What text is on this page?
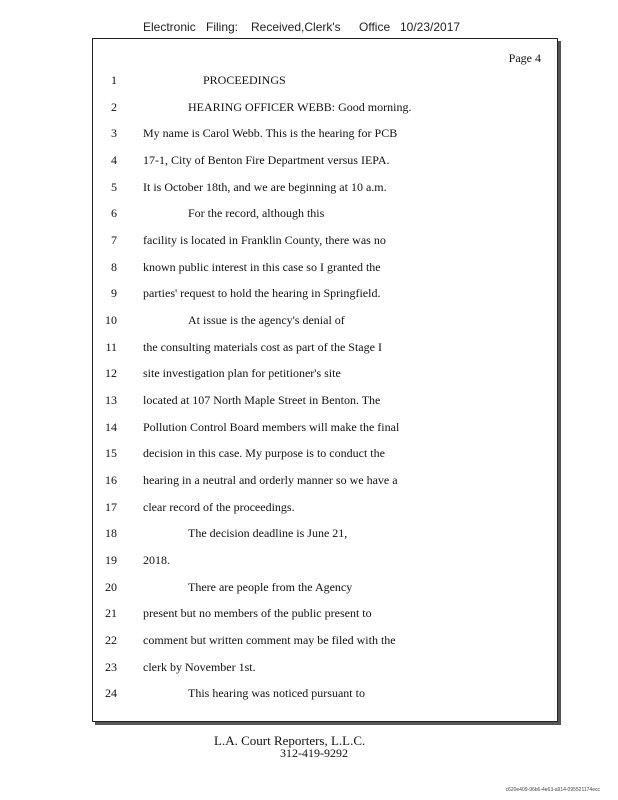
Electronic Filing: Received,Clerk's Office 10/23/2017
Page 4
1	PROCEEDINGS
2	HEARING OFFICER WEBB: Good morning.
3 My name is Carol Webb. This is the hearing for PCB
4 17-1, City of Benton Fire Department versus IEPA.
5 It is October 18th, and we are beginning at 10 a.m.
6	For the record, although this
7 facility is located in Franklin County, there was no
8 known public interest in this case so I granted the
9 parties' request to hold the hearing in Springfield.
10	At issue is the agency's denial of
11 the consulting materials cost as part of the Stage I
12 site investigation plan for petitioner's site
13 located at 107 North Maple Street in Benton. The
14 Pollution Control Board members will make the final
15 decision in this case. My purpose is to conduct the
16 hearing in a neutral and orderly manner so we have a
17 clear record of the proceedings.
18	The decision deadline is June 21,
19 2018.
20	There are people from the Agency
21 present but no members of the public present to
22 comment but written comment may be filed with the
23 clerk by November 1st.
24	This hearing was noticed pursuant to
L.A. Court Reporters, L.L.C.
312-419-9292
c620e409-96b6-4e63-a914-095521174ecc
